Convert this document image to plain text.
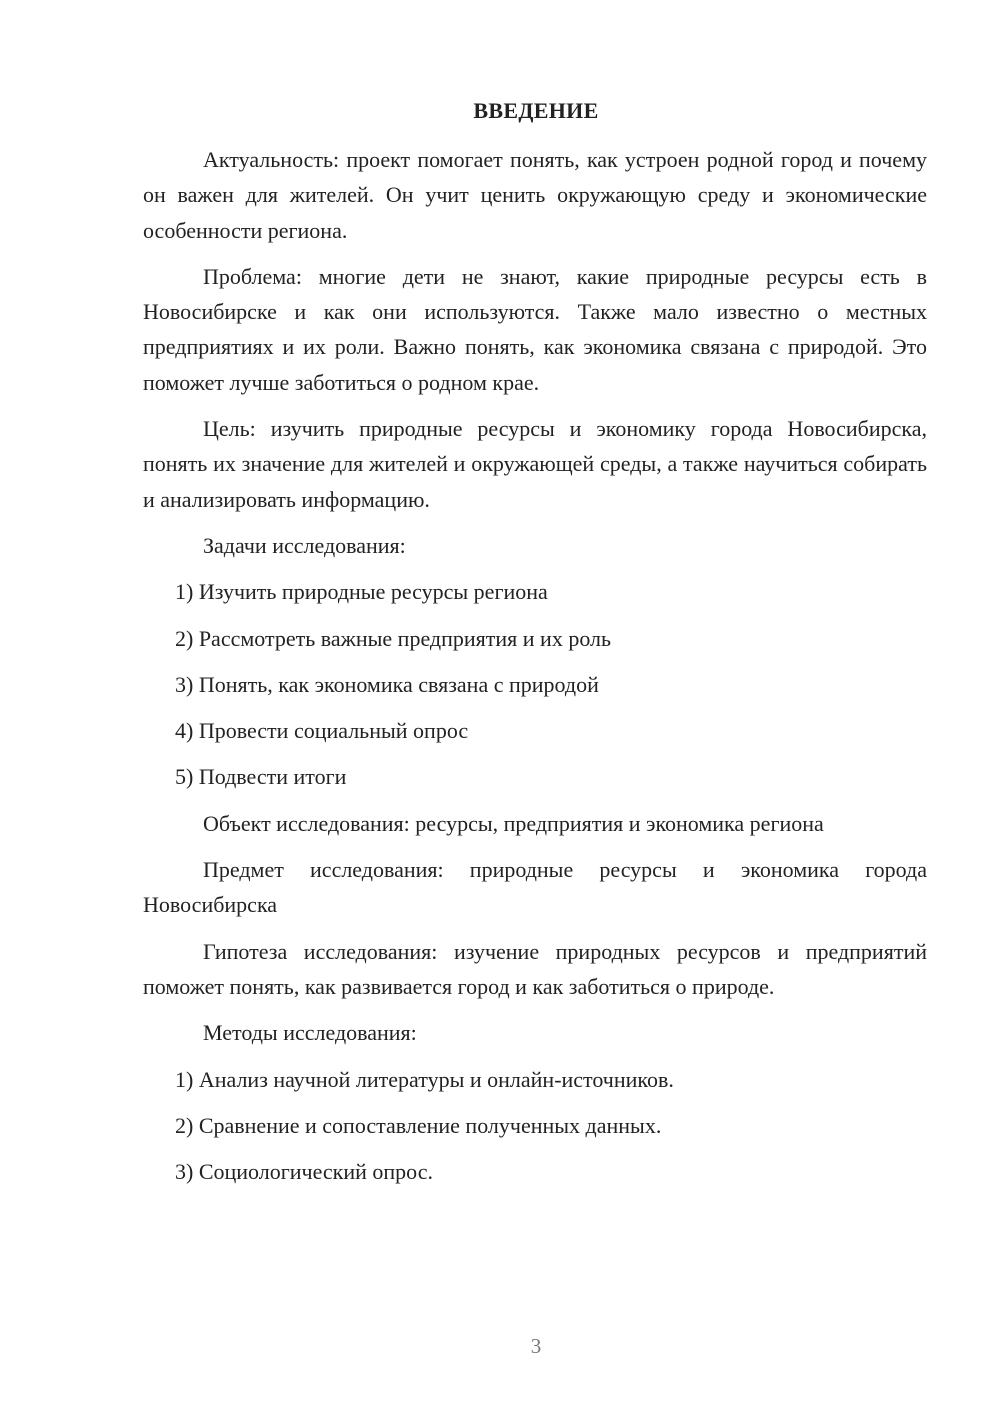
ВВЕДЕНИЕ

Актуальность: проект помогает понять, как устроен родной город и почему он важен для жителей. Он учит ценить окружающую среду и экономические особенности региона.

Проблема: многие дети не знают, какие природные ресурсы есть в Новосибирске и как они используются. Также мало известно о местных предприятиях и их роли. Важно понять, как экономика связана с природой. Это поможет лучше заботиться о родном крае.

Цель: изучить природные ресурсы и экономику города Новосибирска, понять их значение для жителей и окружающей среды, а также научиться собирать и анализировать информацию.

Задачи исследования:

1) Изучить природные ресурсы региона
2) Рассмотреть важные предприятия и их роль
3) Понять, как экономика связана с природой
4) Провести социальный опрос
5) Подвести итоги

Объект исследования: ресурсы, предприятия и экономика региона

Предмет исследования: природные ресурсы и экономика города Новосибирска

Гипотеза исследования: изучение природных ресурсов и предприятий поможет понять, как развивается город и как заботиться о природе.

Методы исследования:

1) Анализ научной литературы и онлайн-источников.
2) Сравнение и сопоставление полученных данных.
3) Социологический опрос.
3
